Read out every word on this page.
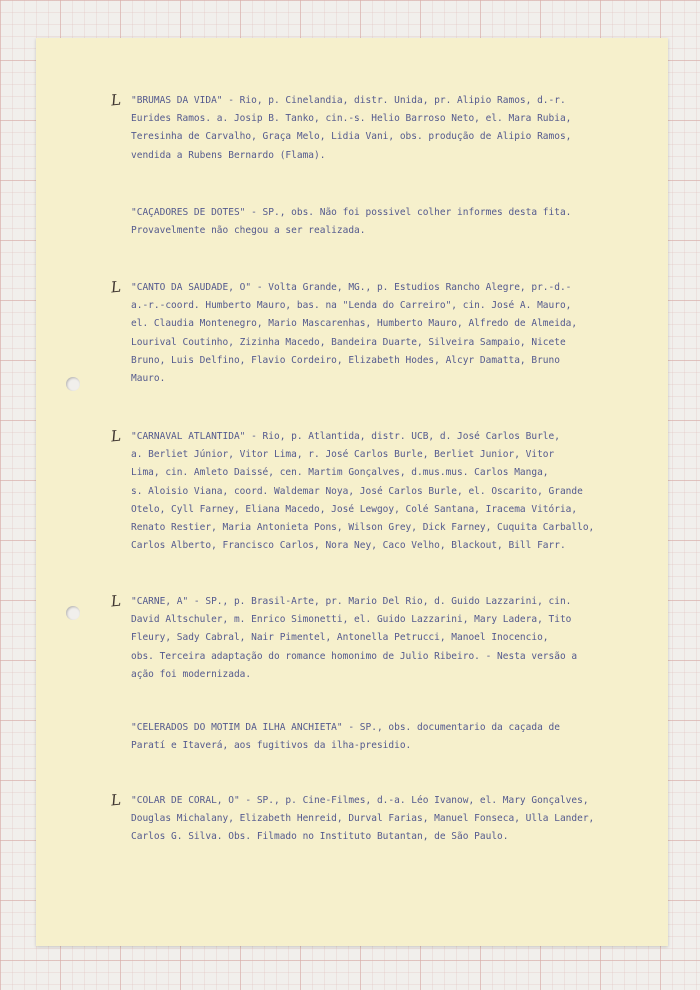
L "BRUMAS DA VIDA" - Rio, p. Cinelandia, distr. Unida, pr. Alipio Ramos, d.-r.
Eurides Ramos. a. Josip B. Tanko, cin.-s. Helio Barroso Neto, el. Mara Rubia,
Teresinha de Carvalho, Graça Melo, Lidia Vani, obs. produção de Alipio Ramos,
vendida a Rubens Bernardo (Flama).

"CAÇADORES DE DOTES" - SP., obs. Não foi possivel colher informes desta fita.
Provavelmente não chegou a ser realizada.

L "CANTO DA SAUDADE, O" - Volta Grande, MG., p. Estudios Rancho Alegre, pr.-d.-
a.-r.-coord. Humberto Mauro, bas. na "Lenda do Carreiro", cin. José A. Mauro,
el. Claudia Montenegro, Mario Mascarenhas, Humberto Mauro, Alfredo de Almeida,
Lourival Coutinho, Zizinha Macedo, Bandeira Duarte, Silveira Sampaio, Nicete
Bruno, Luis Delfino, Flavio Cordeiro, Elizabeth Hodes, Alcyr Damatta, Bruno
Mauro.

L "CARNAVAL ATLANTIDA" - Rio, p. Atlantida, distr. UCB, d. José Carlos Burle,
a. Berliet Júnior, Vitor Lima, r. José Carlos Burle, Berliet Junior, Vitor
Lima, cin. Amleto Daissé, cen. Martim Gonçalves, d.mus.mus. Carlos Manga,
s. Aloisio Viana, coord. Waldemar Noya, José Carlos Burle, el. Oscarito, Grande
Otelo, Cyll Farney, Eliana Macedo, José Lewgoy, Colé Santana, Iracema Vitória,
Renato Restier, Maria Antonieta Pons, Wilson Grey, Dick Farney, Cuquita Carballo,
Carlos Alberto, Francisco Carlos, Nora Ney, Caco Velho, Blackout, Bill Farr.

L "CARNE, A" - SP., p. Brasil-Arte, pr. Mario Del Rio, d. Guido Lazzarini, cin.
David Altschuler, m. Enrico Simonetti, el. Guido Lazzarini, Mary Ladera, Tito
Fleury, Sady Cabral, Nair Pimentel, Antonella Petrucci, Manoel Inocencio,
obs. Terceira adaptação do romance homonimo de Julio Ribeiro. - Nesta versão a
ação foi modernizada.

"CELERADOS DO MOTIM DA ILHA ANCHIETA" - SP., obs. documentario da caçada de
Paratí e Itaverá, aos fugitivos da ilha-presidio.

L "COLAR DE CORAL, O" - SP., p. Cine-Filmes, d.-a. Léo Ivanow, el. Mary Gonçalves,
Douglas Michalany, Elizabeth Henreid, Durval Farias, Manuel Fonseca, Ulla Lander,
Carlos G. Silva. Obs. Filmado no Instituto Butantan, de São Paulo.
